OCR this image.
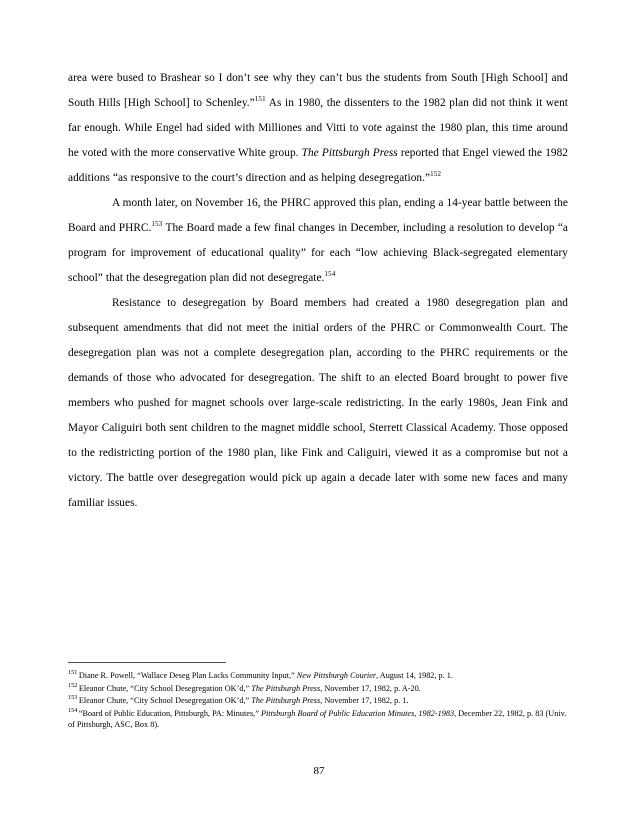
area were bused to Brashear so I don’t see why they can’t bus the students from South [High School] and South Hills [High School] to Schenley.”$^{151}$ As in 1980, the dissenters to the 1982 plan did not think it went far enough. While Engel had sided with Milliones and Vitti to vote against the 1980 plan, this time around he voted with the more conservative White group. The Pittsburgh Press reported that Engel viewed the 1982 additions “as responsive to the court’s direction and as helping desegregation.”$^{152}$

A month later, on November 16, the PHRC approved this plan, ending a 14-year battle between the Board and PHRC.$^{153}$ The Board made a few final changes in December, including a resolution to develop “a program for improvement of educational quality” for each “low achieving Black-segregated elementary school” that the desegregation plan did not desegregate.$^{154}$

Resistance to desegregation by Board members had created a 1980 desegregation plan and subsequent amendments that did not meet the initial orders of the PHRC or Commonwealth Court. The desegregation plan was not a complete desegregation plan, according to the PHRC requirements or the demands of those who advocated for desegregation. The shift to an elected Board brought to power five members who pushed for magnet schools over large-scale redistricting. In the early 1980s, Jean Fink and Mayor Caliguiri both sent children to the magnet middle school, Sterrett Classical Academy. Those opposed to the redistricting portion of the 1980 plan, like Fink and Caliguiri, viewed it as a compromise but not a victory. The battle over desegregation would pick up again a decade later with some new faces and many familiar issues.

$^{151}$ Diane R. Powell, “Wallace Deseg Plan Lacks Community Input,” New Pittsburgh Courier, August 14, 1982, p. 1.

$^{152}$ Eleanor Chute, “City School Desegregation OK’d,” The Pittsburgh Press, November 17, 1982, p. A-20.

$^{153}$ Eleanor Chute, “City School Desegregation OK’d,” The Pittsburgh Press, November 17, 1982, p. 1.

$^{154}$ “Board of Public Education, Pittsburgh, PA: Minutes,” Pittsburgh Board of Public Education Minutes, 1982-1983, December 22, 1982, p. 83 (Univ. of Pittsburgh, ASC, Box 8).

87
